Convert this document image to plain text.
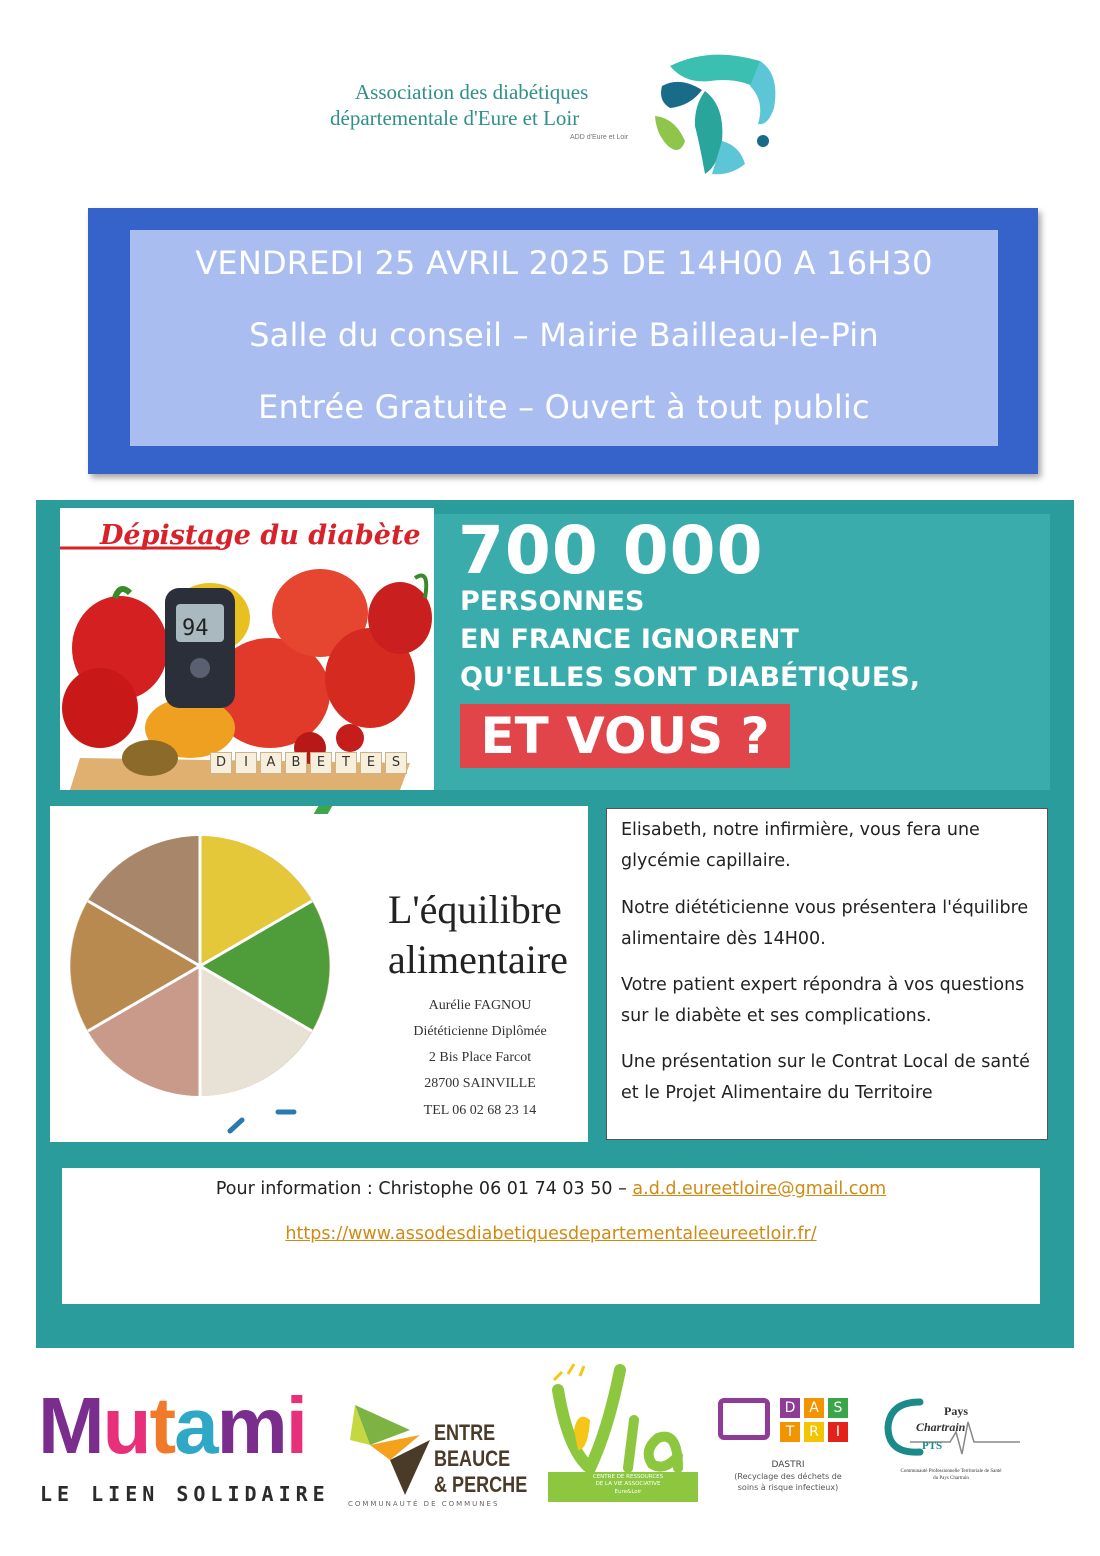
Association des diabétiques
départementale d'Eure et Loir
ADD d'Eure et Loir
VENDREDI 25 AVRIL 2025 DE 14H00 A 16H30
Salle du conseil – Mairie Bailleau-le-Pin
Entrée Gratuite – Ouvert à tout public
Dépistage du diabète
94
D	I	A	B	E	T	E	S
700 000
PERSONNES
EN FRANCE IGNORENT
QU'ELLES SONT DIABÉTIQUES,
ET VOUS ?
L'équilibre
alimentaire
Aurélie FAGNOU
Diététicienne Diplômée
2 Bis Place Farcot
28700 SAINVILLE
TEL 06 02 68 23 14

Elisabeth, notre infirmière, vous fera une glycémie capillaire.

Notre diététicienne vous présentera l'équilibre alimentaire dès 14H00.

Votre patient expert répondra à vos questions sur le diabète et ses complications.

Une présentation sur le Contrat Local de santé et le Projet Alimentaire du Territoire

Pour information : Christophe 06 01 74 03 50 – a.d.d.eureetloire@gmail.com
https://www.assodesdiabetiquesdepartementaleeureetloir.fr/
Mutami
LE LIEN SOLIDAIRE
ENTRE
BEAUCE
& PERCHE
COMMUNAUTÉ DE COMMUNES
CENTRE DE RESSOURCES
DE LA VIE ASSOCIATIVE
Eure&Loir
D A	S
T	R	I
DASTRI
(Recyclage des déchets de
soins à risque infectieux)
Pays
Chartrain
PTS
Communauté Professionnelle Territoriale de Santé
du Pays Chartrain
